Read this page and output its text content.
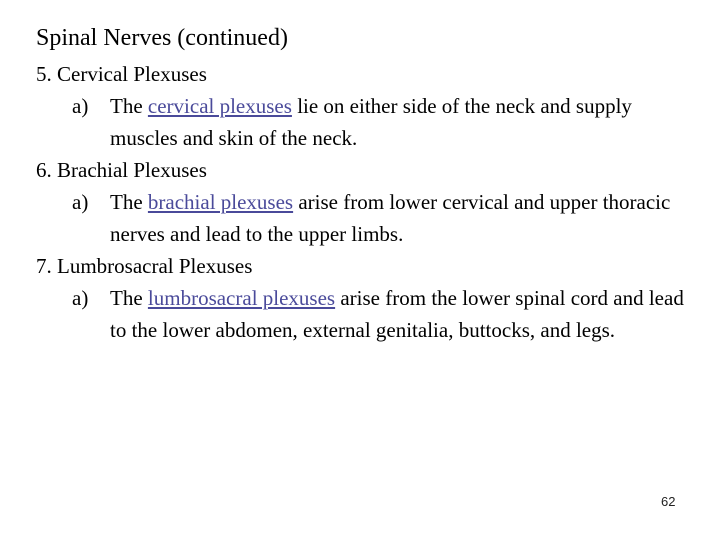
Spinal Nerves (continued)
5. Cervical Plexuses
a) The cervical plexuses lie on either side of the neck and supply muscles and skin of the neck.
6. Brachial Plexuses
a) The brachial plexuses arise from lower cervical and upper thoracic nerves and lead to the upper limbs.
7. Lumbrosacral Plexuses
a) The lumbrosacral plexuses arise from the lower spinal cord and lead to the lower abdomen, external genitalia, buttocks, and legs.
62
